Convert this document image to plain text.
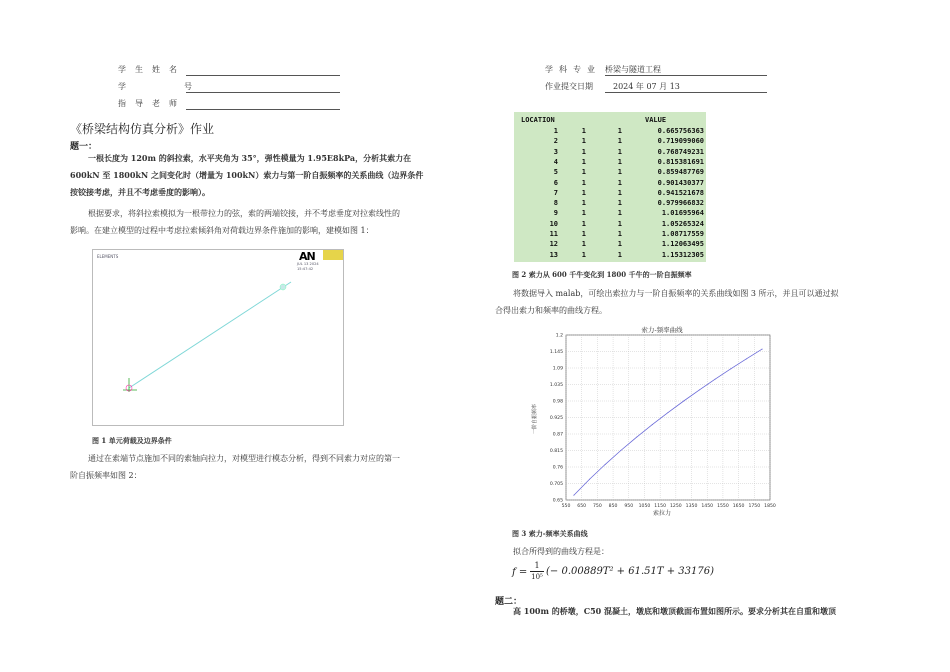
学生姓名
学号
指导老师
学科专业 桥梁与隧道工程
作业提交日期	2024 年 07 月 13
《桥梁结构仿真分析》作业
题一：
一根长度为 120m 的斜拉索，水平夹角为 35°，弹性模量为 1.95E8kPa，分析其索力在
600kN 至 1800kN 之间变化时（增量为 100kN）索力与第一阶自振频率的关系曲线（边界条件
按铰接考虑，并且不考虑垂度的影响）。
根据要求，将斜拉索模拟为一根带拉力的弦，索的两端铰接，并不考虑垂度对拉索线性的
影响。在建立模型的过程中考虑拉索倾斜角对荷载边界条件施加的影响，建模如图 1：
ELEMENTS	AN
JUL 13 2024
15:47:42
图 1 单元荷载及边界条件
通过在索端节点施加不同的索轴向拉力，对模型进行模态分析，得到不同索力对应的第一
阶自振频率如图 2：
LOCATION	VALUE
1	1	1	0.665756363
2	1	1	0.719099060
3	1	1	0.768749231
4	1	1	0.815381691
5	1	1	0.859487769
6	1	1	0.901430377
7	1	1	0.941521678
8	1	1	0.979966832
9	1	1	1.01695964
10	1	1	1.05265324
11	1	1	1.08717559
12	1	1	1.12063495
13	1	1	1.15312305
图 2 索力从 600 千牛变化到 1800 千牛的一阶自振频率
将数据导入 malab，可绘出索拉力与一阶自振频率的关系曲线如图 3 所示，并且可以通过拟
合得出索力和频率的曲线方程。
索力-频率曲线
索拉力
一阶自振频率
550 650 750 850 950 1050 1150 1250 1350 1450 1550 1650 1750 1850
0.65
0.705
0.76
0.815
0.87
0.925
0.98
1.035
1.09
1.145
1.2
图 3 索力-频率关系曲线
拟合所得到的曲线方程是：
f =
1
10⁵ (− 0.00889T² + 61.51T + 33176)
题二：
高 100m 的桥墩，C50 混凝土，墩底和墩顶截面布置如图所示。要求分析其在自重和墩顶
